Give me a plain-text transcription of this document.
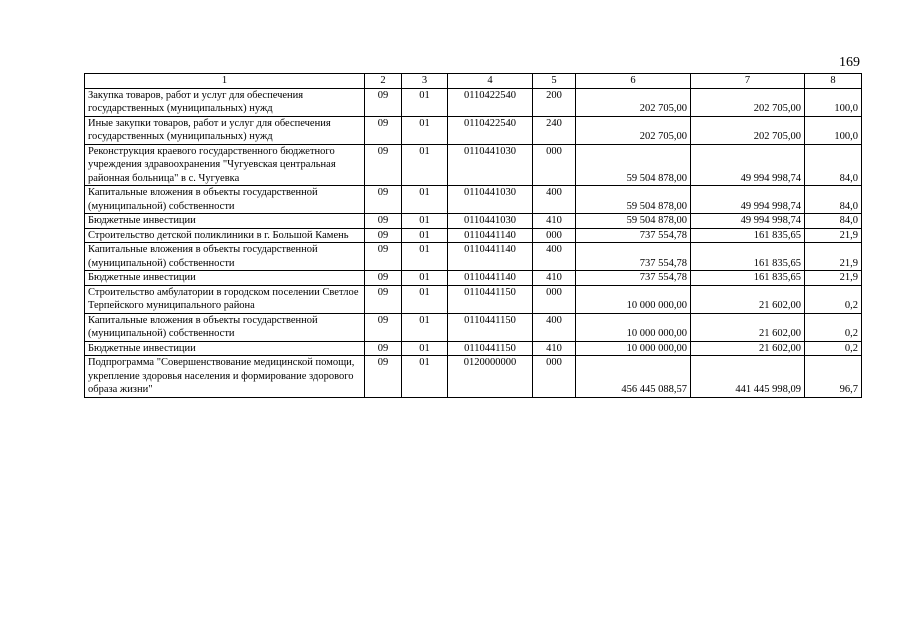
169
1	2	3	4	5	6	7	8
Закупка товаров, работ и услуг для обеспечения государственных (муниципальных) нужд	09	01	0110422540	200	202 705,00	202 705,00	100,0
Иные закупки товаров, работ и услуг для обеспечения государственных (муниципальных) нужд	09	01	0110422540	240	202 705,00	202 705,00	100,0
Реконструкция краевого государственного бюджетного учреждения здравоохранения "Чугуевская центральная районная больница" в с. Чугуевка	09	01	0110441030	000	59 504 878,00	49 994 998,74	84,0
Капитальные вложения в объекты государственной (муниципальной) собственности	09	01	0110441030	400	59 504 878,00	49 994 998,74	84,0
Бюджетные инвестиции	09	01	0110441030	410	59 504 878,00	49 994 998,74	84,0
Строительство детской поликлиники в г. Большой Камень	09	01	0110441140	000	737 554,78	161 835,65	21,9
Капитальные вложения в объекты государственной (муниципальной) собственности	09	01	0110441140	400	737 554,78	161 835,65	21,9
Бюджетные инвестиции	09	01	0110441140	410	737 554,78	161 835,65	21,9
Строительство амбулатории в городском поселении Светлое Терпейского муниципального района	09	01	0110441150	000	10 000 000,00	21 602,00	0,2
Капитальные вложения в объекты государственной (муниципальной) собственности	09	01	0110441150	400	10 000 000,00	21 602,00	0,2
Бюджетные инвестиции	09	01	0110441150	410	10 000 000,00	21 602,00	0,2
Подпрограмма "Совершенствование медицинской помощи, укрепление здоровья населения и формирование здорового образа жизни"	09	01	0120000000	000	456 445 088,57	441 445 998,09	96,7
